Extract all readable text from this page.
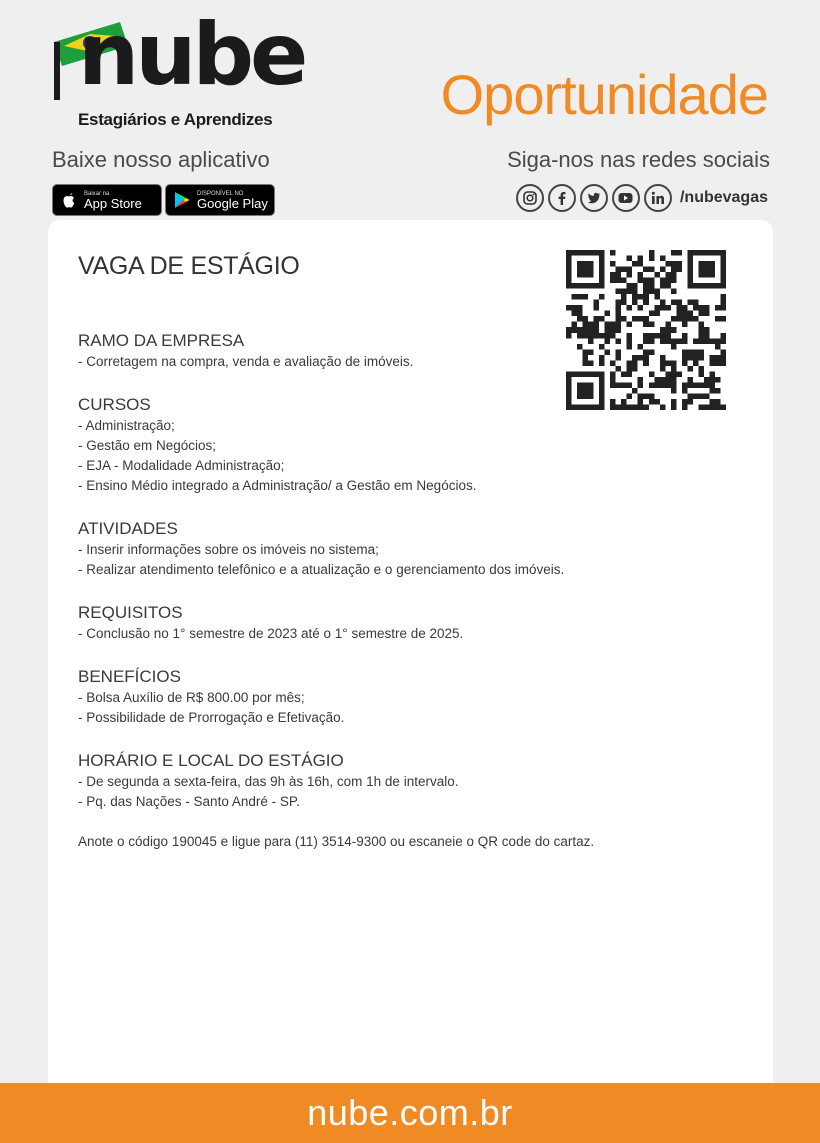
nube
Estagiários e Aprendizes	Oportunidade
Baixe nosso aplicativo
Baixar na
App Store
DISPONÍVEL NO
Google Play
Siga-nos nas redes sociais
/nubevagas
VAGA DE ESTÁGIO
RAMO DA EMPRESA

- Corretagem na compra, venda e avaliação de imóveis.

CURSOS

- Administração;

- Gestão em Negócios;

- EJA - Modalidade Administração;

- Ensino Médio integrado a Administração/ a Gestão em Negócios.

ATIVIDADES

- Inserir informações sobre os imóveis no sistema;

- Realizar atendimento telefônico e a atualização e o gerenciamento dos imóveis.

REQUISITOS

- Conclusão no 1° semestre de 2023 até o 1° semestre de 2025.

BENEFÍCIOS

- Bolsa Auxílio de R$ 800.00 por mês;

- Possibilidade de Prorrogação e Efetivação.

HORÁRIO E LOCAL DO ESTÁGIO

- De segunda a sexta-feira, das 9h às 16h, com 1h de intervalo.

- Pq. das Nações - Santo André - SP.

Anote o código 190045 e ligue para (11) 3514-9300 ou escaneie o QR code do cartaz.

nube.com.br
